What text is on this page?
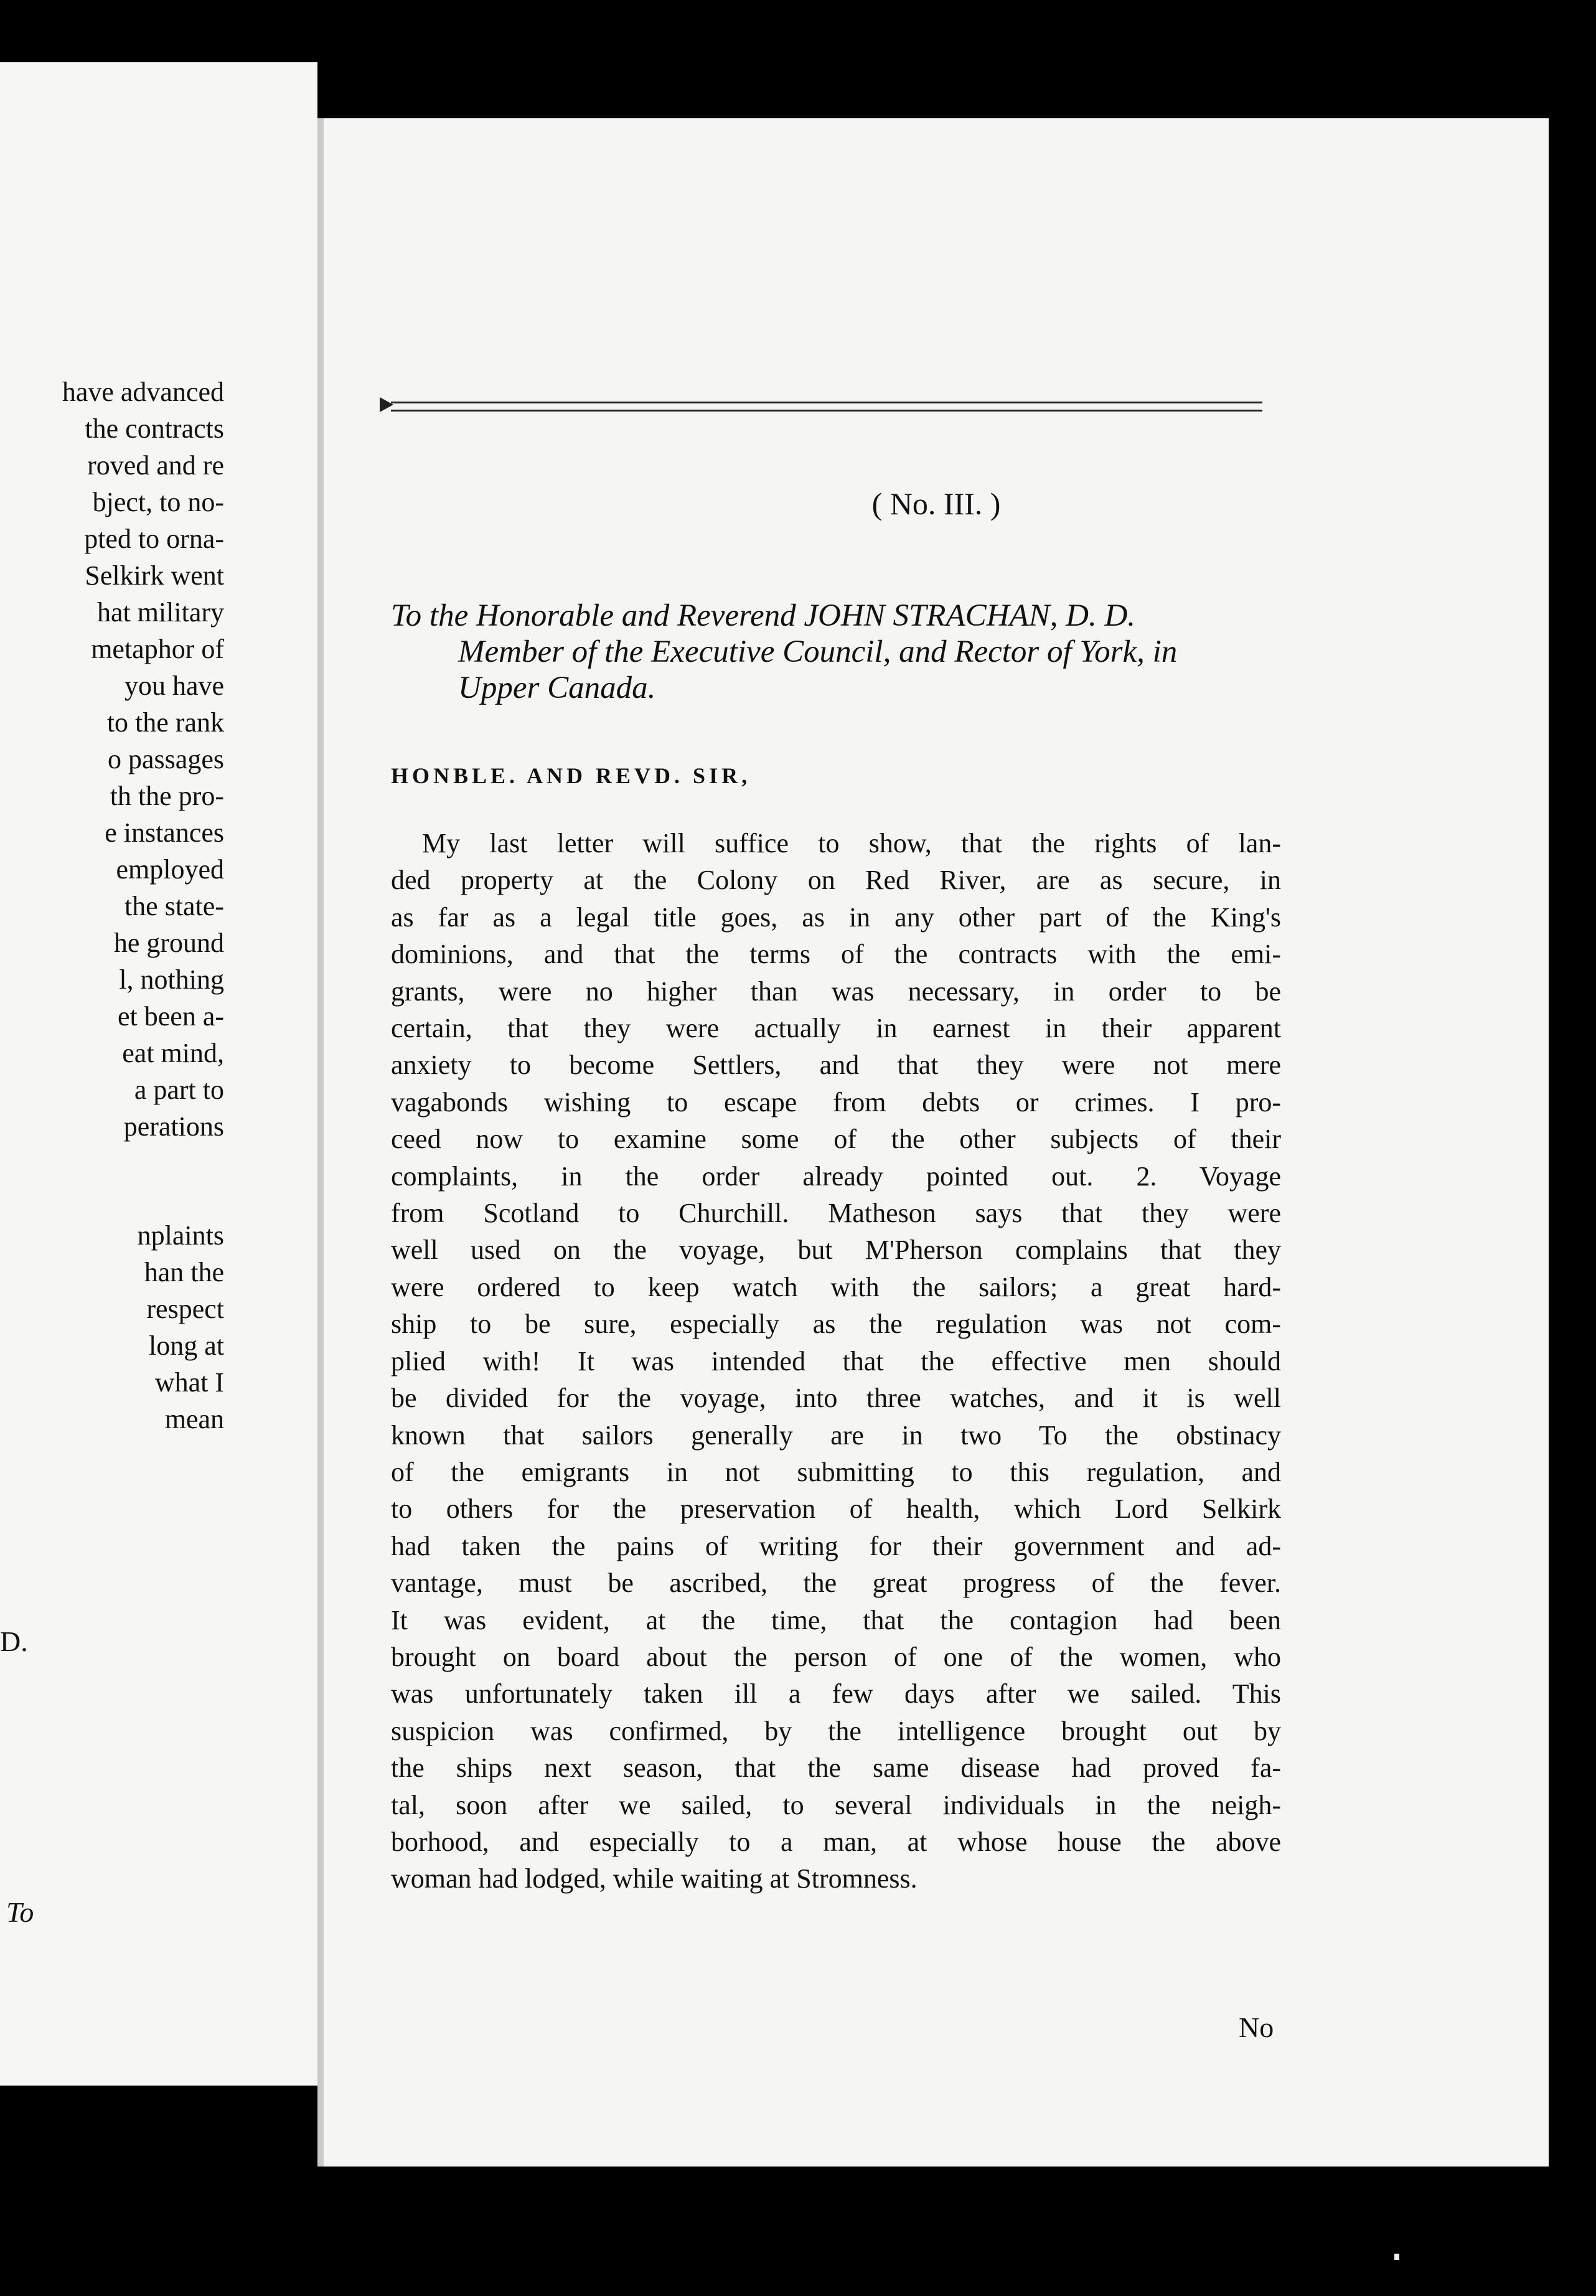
have advanced
the contracts
roved and re
bject, to no-
pted to orna-
Selkirk went
hat military
metaphor of
you have
to the rank
o passages
th the pro-
e instances
employed
the state-
he ground
l, nothing
et been a-
eat mind,
a part to
perations
nplaints
han the
respect
long at
what I
mean
D.
To
( No. III. )
To the Honorable and Reverend JOHN STRACHAN, D. D.
Member of the Executive Council, and Rector of York, in
Upper Canada.
HONBLE. AND REVD. SIR,
My last letter will suffice to show, that the rights of lan-
ded property at the Colony on Red River, are as secure, in
as far as a legal title goes, as in any other part of the King's
dominions, and that the terms of the contracts with the emi-
grants, were no higher than was necessary, in order to be
certain, that they were actually in earnest in their apparent
anxiety to become Settlers, and that they were not mere
vagabonds wishing to escape from debts or crimes. I pro-
ceed now to examine some of the other subjects of their
complaints, in the order already pointed out. 2. Voyage
from Scotland to Churchill. Matheson says that they were
well used on the voyage, but M'Pherson complains that they
were ordered to keep watch with the sailors; a great hard-
ship to be sure, especially as the regulation was not com-
plied with! It was intended that the effective men should
be divided for the voyage, into three watches, and it is well
known that sailors generally are in two To the obstinacy
of the emigrants in not submitting to this regulation, and
to others for the preservation of health, which Lord Selkirk
had taken the pains of writing for their government and ad-
vantage, must be ascribed, the great progress of the fever.
It was evident, at the time, that the contagion had been
brought on board about the person of one of the women, who
was unfortunately taken ill a few days after we sailed. This
suspicion was confirmed, by the intelligence brought out by
the ships next season, that the same disease had proved fa-
tal, soon after we sailed, to several individuals in the neigh-
borhood, and especially to a man, at whose house the above
woman had lodged, while waiting at Stromness.
No
